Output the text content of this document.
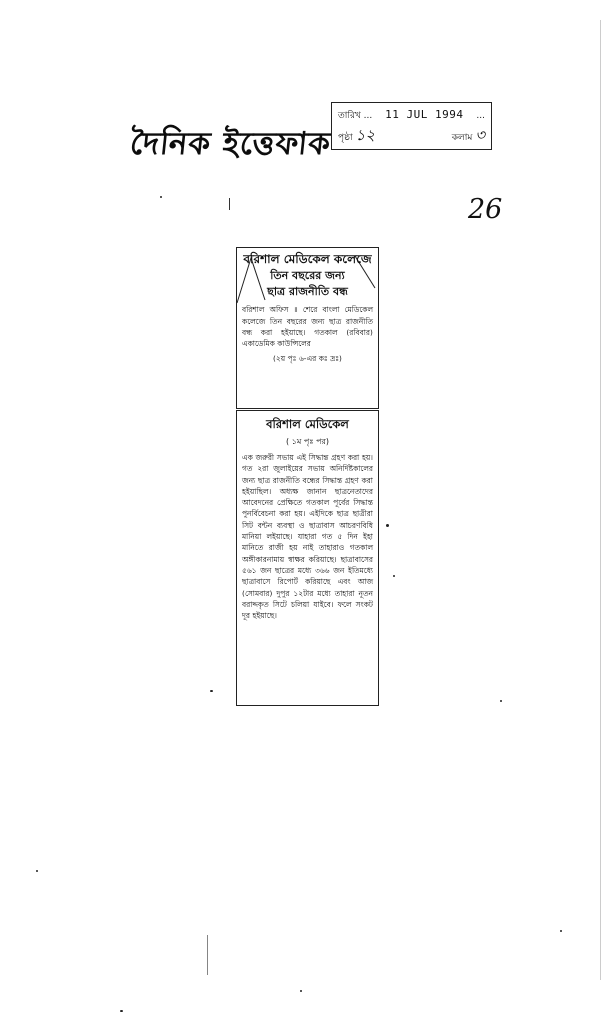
দৈনিক ইত্তেফাক
তারিখ ... 11 JUL 1994 ...
পৃষ্ঠা ১২	কলাম ৩
26
বরিশাল মেডিকেল কলেজে
তিন বছরের জন্য
ছাত্র রাজনীতি বন্ধ
বরিশাল অফিস ॥ শেরে বাংলা মেডিকেল কলেজে তিন বছরের জন্য ছাত্র রাজনীতি বন্ধ করা হইয়াছে। গতকাল (রবিবার) একাডেমিক কাউন্সিলের
(২য় পৃঃ ৬-এর কঃ দ্রঃ)
বরিশাল মেডিকেল
( ১ম পৃঃ পর)
এক জরুরী সভায় এই সিদ্ধান্ত গ্রহণ করা হয়। গত ২রা জুলাইয়ের সভায় অনির্দিষ্টকালের জন্য ছাত্র রাজনীতি বন্ধের সিদ্ধান্ত গ্রহণ করা হইয়াছিল। অধ্যক্ষ জানান ছাত্রনেতাদের আবেদনের প্রেক্ষিতে গতকাল পূর্বের সিদ্ধান্ত পুনর্বিবেচনা করা হয়। এইদিকে ছাত্র ছাত্রীরা সিট বন্টন ব্যবস্থা ও ছাত্রাবাস আচরণবিধি মানিয়া লইয়াছে। যাহারা গত ৫ দিন ইহা মানিতে রাজী হয় নাই তাহারাও গতকাল অঙ্গীকারনামায় স্বাক্ষর করিয়াছে। ছাত্রাবাসের ৫৬১ জন ছাত্রের মধ্যে ৩৬৬ জন ইতিমধ্যে ছাত্রাবাসে রিপোর্ট করিয়াছে এবং আজ (সোমবার) দুপুর ১২টার মধ্যে তাহারা নূতন বরাদ্দকৃত সিটে চলিয়া যাইবে। ফলে সংকট দূর হইয়াছে।
